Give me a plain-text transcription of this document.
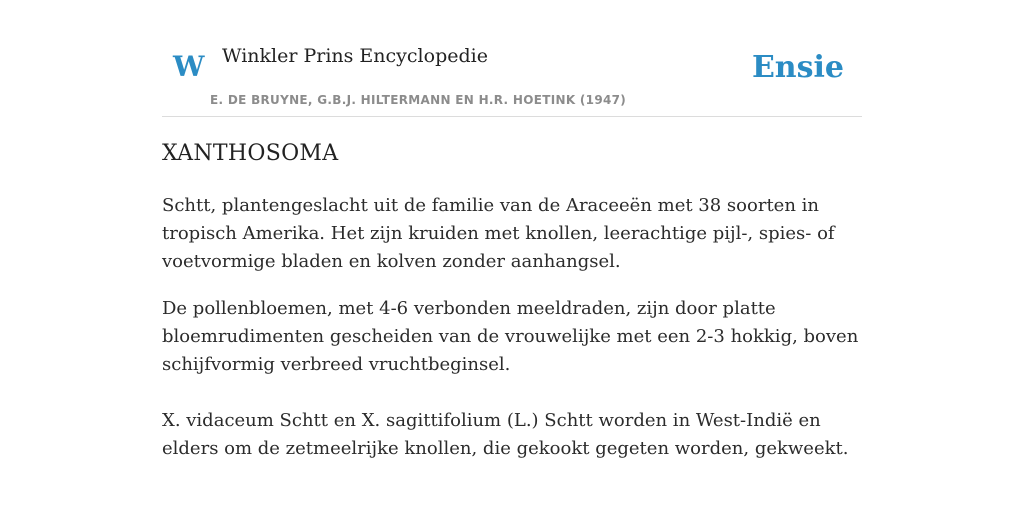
W Winkler Prins Encyclopedie
E. DE BRUYNE, G.B.J. HILTERMANN EN H.R. HOETINK (1947)
Ensie
XANTHOSOMA

Schtt, plantengeslacht uit de familie van de Araceeën met 38 soorten in tropisch Amerika. Het zijn kruiden met knollen, leerachtige pijl-, spies- of voetvormige bladen en kolven zonder aanhangsel.

De pollenbloemen, met 4-6 verbonden meeldraden, zijn door platte bloemrudimenten gescheiden van de vrouwelijke met een 2-3 hokkig, boven schijfvormig verbreed vruchtbeginsel.

X. vidaceum Schtt en X. sagittifolium (L.) Schtt worden in West-Indië en elders om de zetmeelrijke knollen, die gekookt gegeten worden, gekweekt.
